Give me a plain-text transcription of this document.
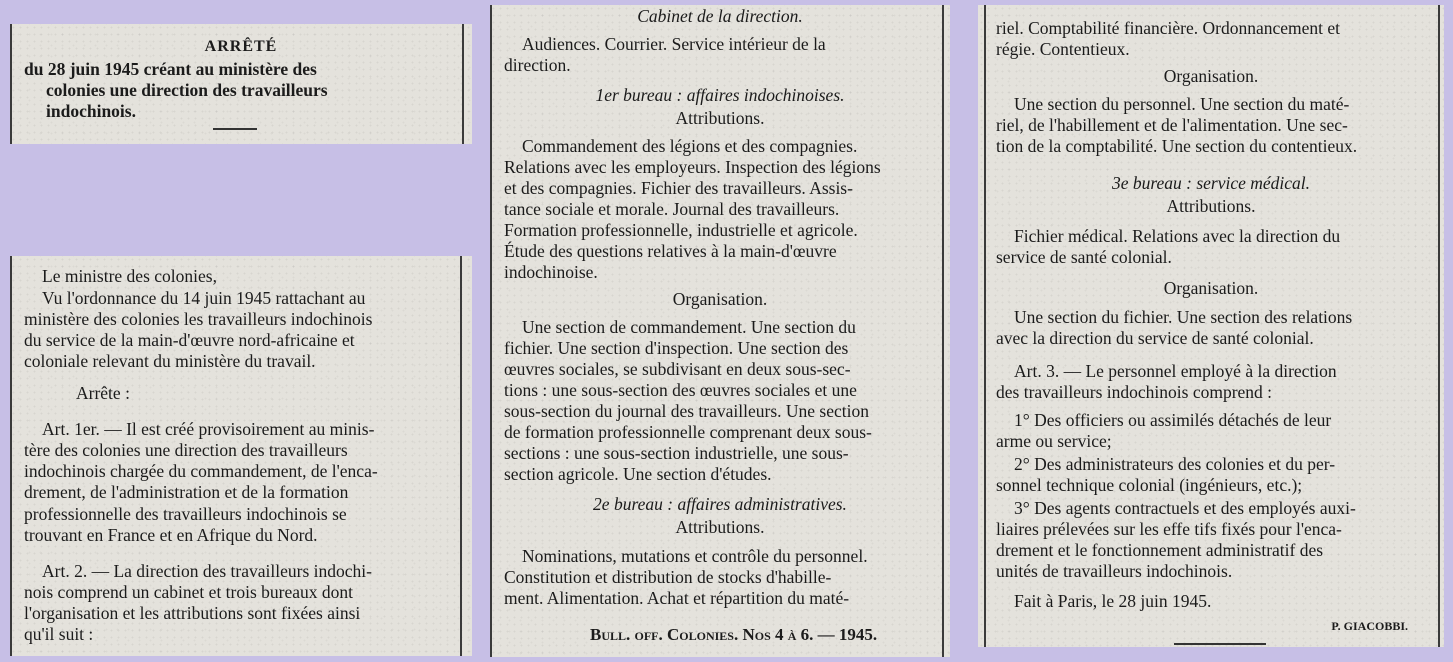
ARRÊTÉ
du 28 juin 1945 créant au ministère des
colonies une direction des travailleurs
indochinois.
Le ministre des colonies,
Vu l'ordonnance du 14 juin 1945 rattachant au
ministère des colonies les travailleurs indochinois
du service de la main-d'œuvre nord-africaine et
coloniale relevant du ministère du travail.
Arrête :
Art. 1er. — Il est créé provisoirement au minis-
tère des colonies une direction des travailleurs
indochinois chargée du commandement, de l'enca-
drement, de l'administration et de la formation
professionnelle des travailleurs indochinois se
trouvant en France et en Afrique du Nord.
Art. 2. — La direction des travailleurs indochi-
nois comprend un cabinet et trois bureaux dont
l'organisation et les attributions sont fixées ainsi
qu'il suit :
Cabinet de la direction.
Audiences. Courrier. Service intérieur de la
direction.
1er bureau : affaires indochinoises.
Attributions.
Commandement des légions et des compagnies.
Relations avec les employeurs. Inspection des légions
et des compagnies. Fichier des travailleurs. Assis-
tance sociale et morale. Journal des travailleurs.
Formation professionnelle, industrielle et agricole.
Étude des questions relatives à la main-d'œuvre
indochinoise.
Organisation.
Une section de commandement. Une section du
fichier. Une section d'inspection. Une section des
œuvres sociales, se subdivisant en deux sous-sec-
tions : une sous-section des œuvres sociales et une
sous-section du journal des travailleurs. Une section
de formation professionnelle comprenant deux sous-
sections : une sous-section industrielle, une sous-
section agricole. Une section d'études.
2e bureau : affaires administratives.
Attributions.
Nominations, mutations et contrôle du personnel.
Constitution et distribution de stocks d'habille-
ment. Alimentation. Achat et répartition du maté-
Bull. off. Colonies. Nos 4 à 6. — 1945.
riel. Comptabilité financière. Ordonnancement et
régie. Contentieux.
Organisation.
Une section du personnel. Une section du maté-
riel, de l'habillement et de l'alimentation. Une sec-
tion de la comptabilité. Une section du contentieux.
3e bureau : service médical.
Attributions.
Fichier médical. Relations avec la direction du
service de santé colonial.
Organisation.
Une section du fichier. Une section des relations
avec la direction du service de santé colonial.
Art. 3. — Le personnel employé à la direction
des travailleurs indochinois comprend :
1° Des officiers ou assimilés détachés de leur
arme ou service;
2° Des administrateurs des colonies et du per-
sonnel technique colonial (ingénieurs, etc.);
3° Des agents contractuels et des employés auxi-
liaires prélevées sur les effe tifs fixés pour l'enca-
drement et le fonctionnement administratif des
unités de travailleurs indochinois.
Fait à Paris, le 28 juin 1945.
P. GIACOBBI.
